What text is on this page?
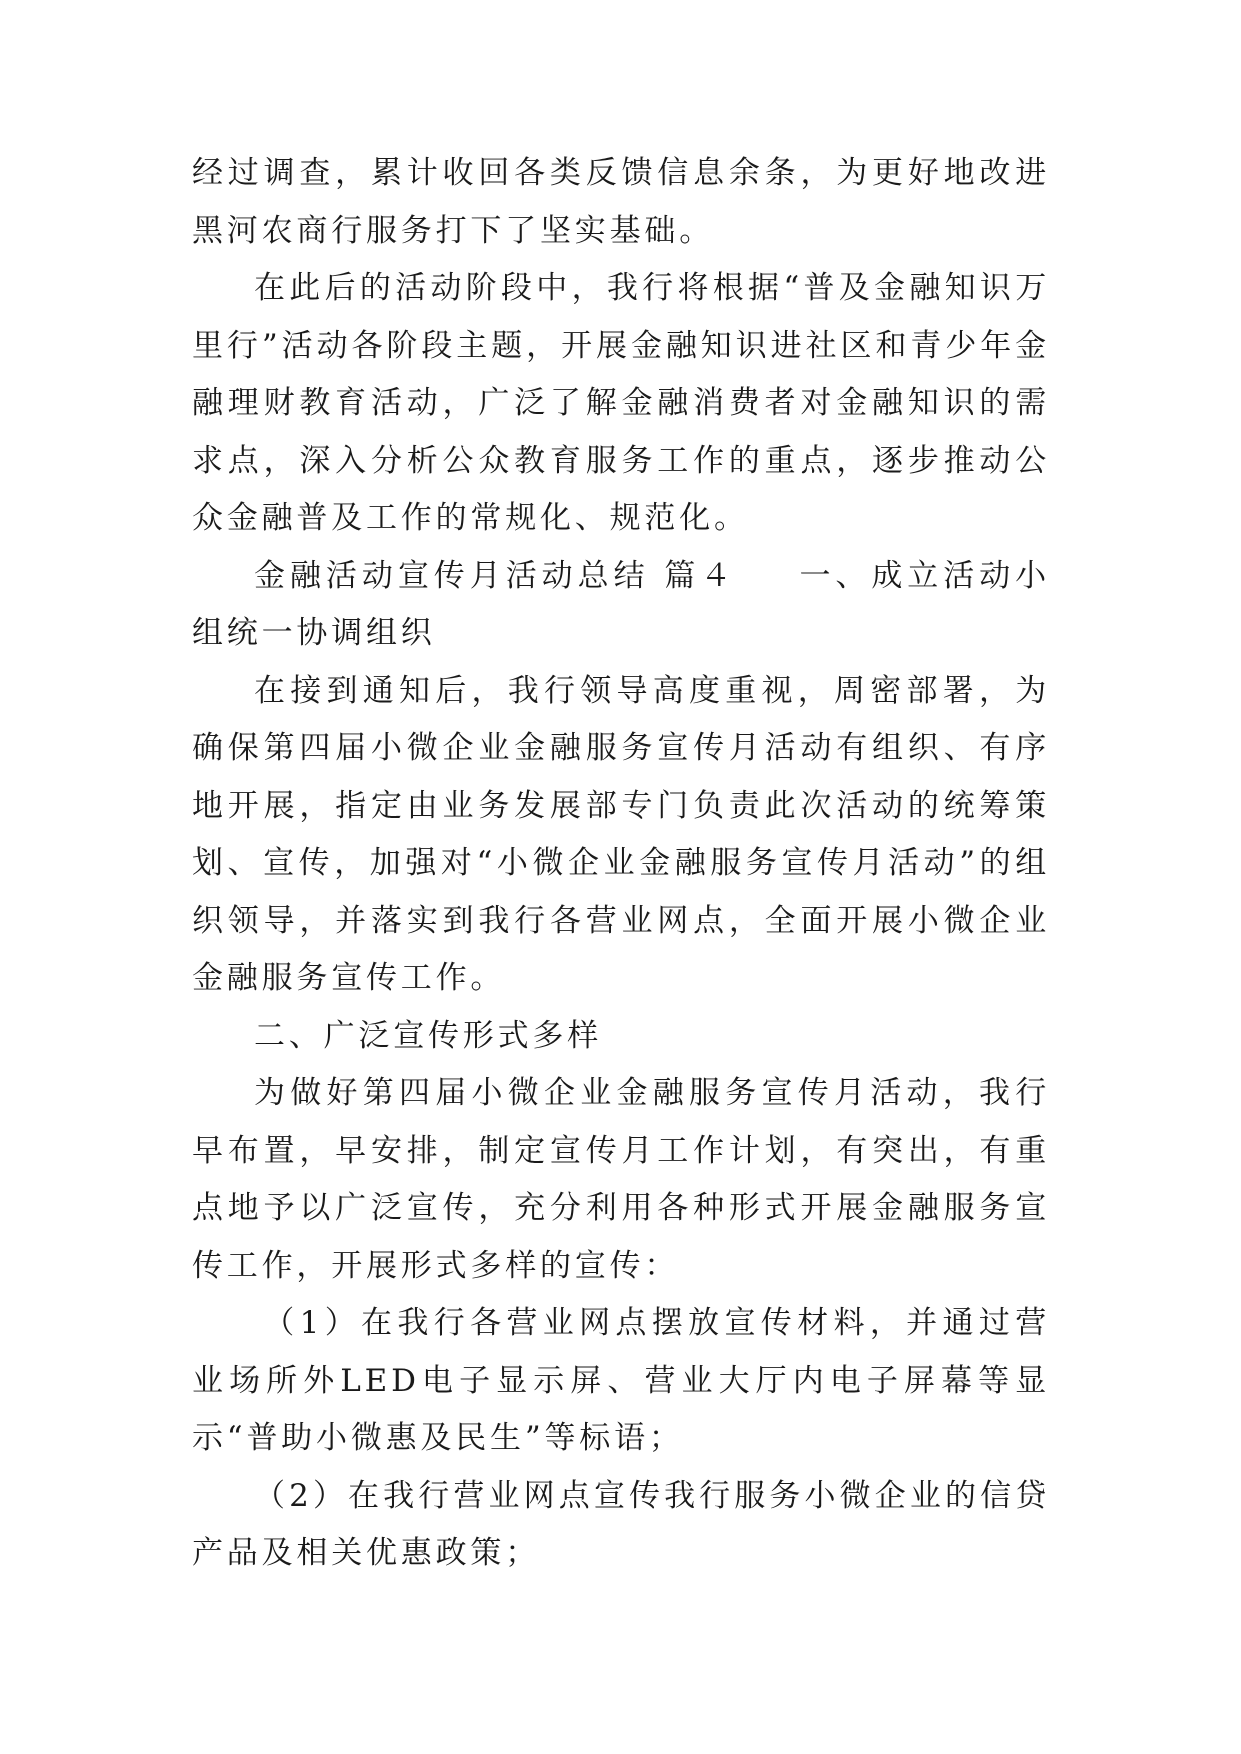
经过调查，累计收回各类反馈信息余条，为更好地改进黑河农商行服务打下了坚实基础。

在此后的活动阶段中，我行将根据“普及金融知识万里行”活动各阶段主题，开展金融知识进社区和青少年金融理财教育活动，广泛了解金融消费者对金融知识的需求点，深入分析公众教育服务工作的重点，逐步推动公众金融普及工作的常规化、规范化。

金融活动宣传月活动总结 篇４ 一、成立活动小组统一协调组织

在接到通知后，我行领导高度重视，周密部署，为确保第四届小微企业金融服务宣传月活动有组织、有序地开展，指定由业务发展部专门负责此次活动的统筹策划、宣传，加强对“小微企业金融服务宣传月活动”的组织领导，并落实到我行各营业网点，全面开展小微企业金融服务宣传工作。

二、广泛宣传形式多样

为做好第四届小微企业金融服务宣传月活动，我行早布置，早安排，制定宣传月工作计划，有突出，有重点地予以广泛宣传，充分利用各种形式开展金融服务宣传工作，开展形式多样的宣传：

（1）在我行各营业网点摆放宣传材料，并通过营业场所外LED电子显示屏、营业大厅内电子屏幕等显示“普助小微惠及民生”等标语；

（2）在我行营业网点宣传我行服务小微企业的信贷产品及相关优惠政策；
